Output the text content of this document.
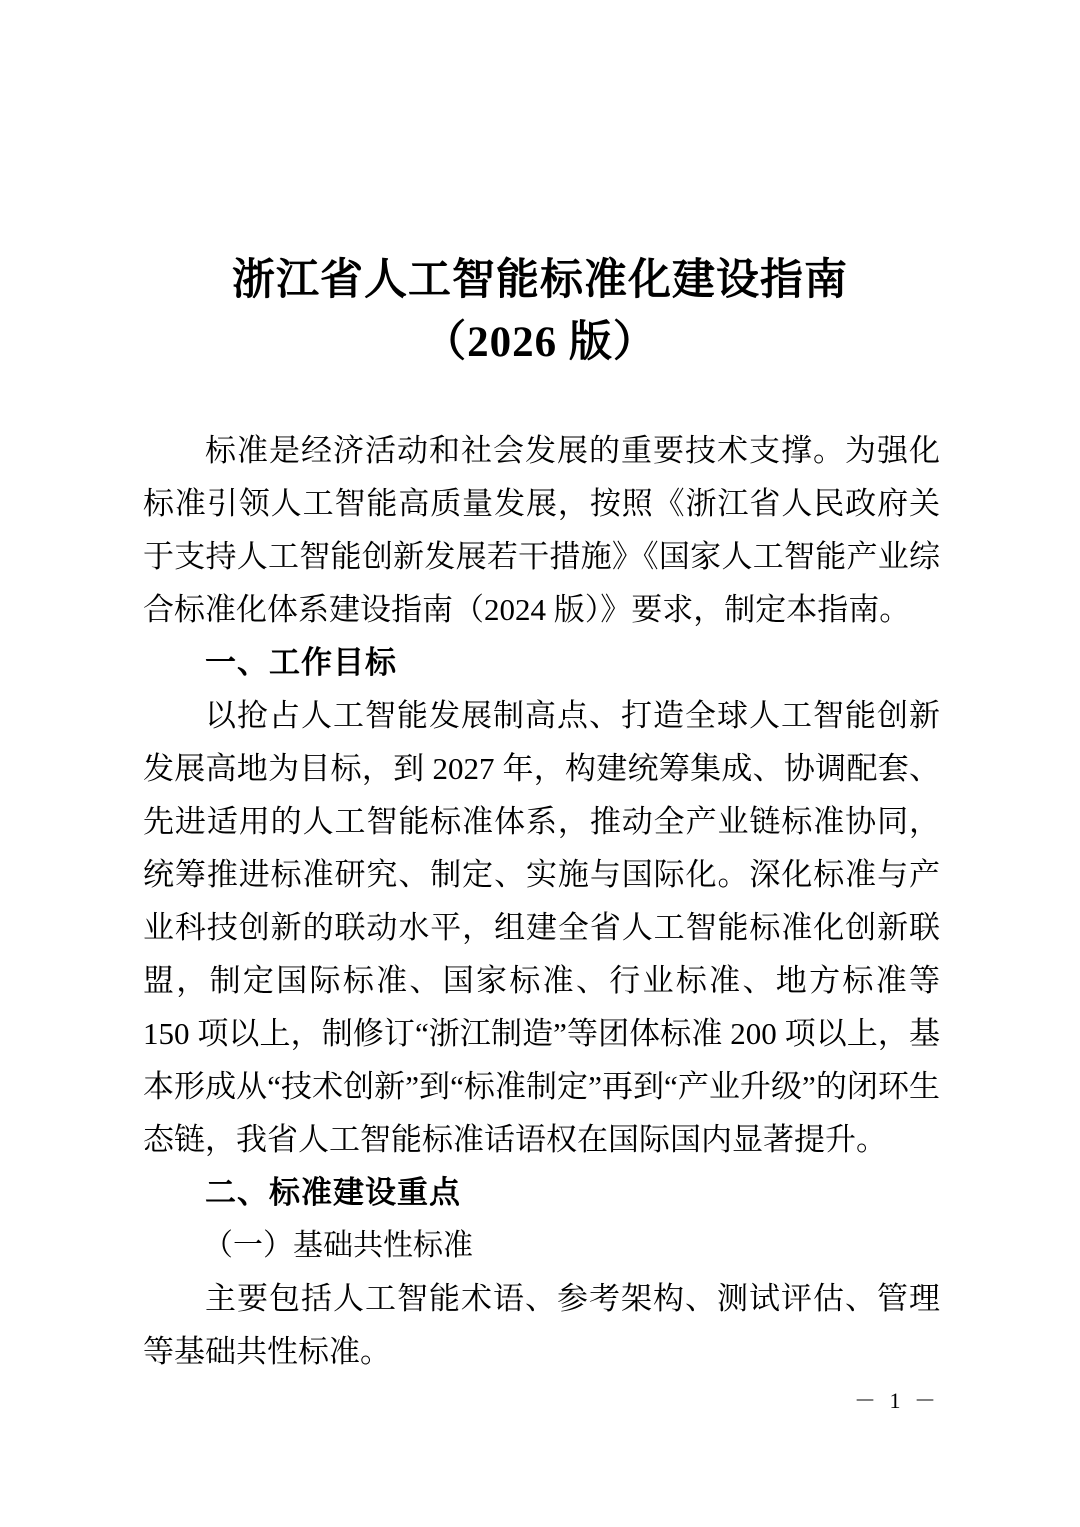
浙江省人工智能标准化建设指南
（2026 版）

标准是经济活动和社会发展的重要技术支撑。为强化标准引领人工智能高质量发展，按照《浙江省人民政府关于支持人工智能创新发展若干措施》《国家人工智能产业综合标准化体系建设指南（2024 版）》要求，制定本指南。

一、工作目标

以抢占人工智能发展制高点、打造全球人工智能创新发展高地为目标，到 2027 年，构建统筹集成、协调配套、先进适用的人工智能标准体系，推动全产业链标准协同，统筹推进标准研究、制定、实施与国际化。深化标准与产业科技创新的联动水平，组建全省人工智能标准化创新联盟，制定国际标准、国家标准、行业标准、地方标准等 150 项以上，制修订“浙江制造”等团体标准 200 项以上，基本形成从“技术创新”到“标准制定”再到“产业升级”的闭环生态链，我省人工智能标准话语权在国际国内显著提升。

二、标准建设重点
（一）基础共性标准

主要包括人工智能术语、参考架构、测试评估、管理等基础共性标准。

－ 1 －
